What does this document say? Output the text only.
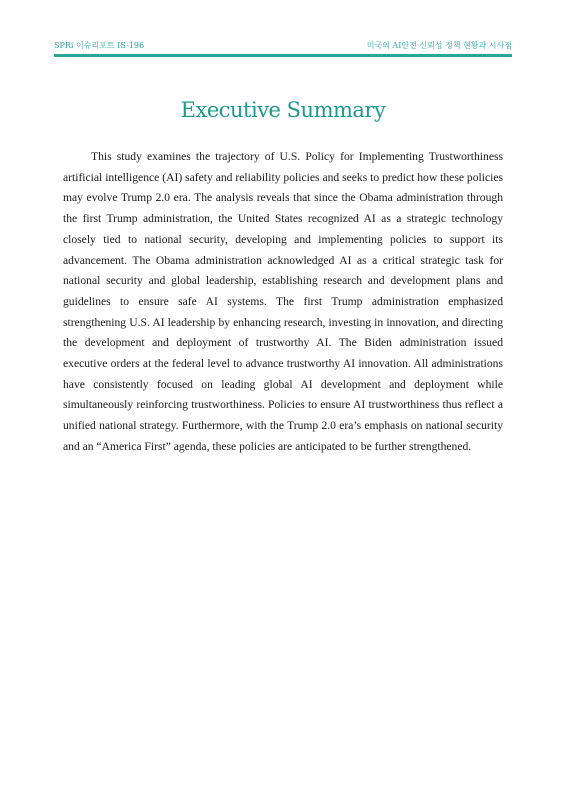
SPRi 이슈리포트 IS-196	미국의 AI안전·신뢰성 정책 현황과 시사점
Executive Summary

This study examines the trajectory of U.S. Policy for Implementing Trustworthiness artificial intelligence (AI) safety and reliability policies and seeks to predict how these policies may evolve Trump 2.0 era. The analysis reveals that since the Obama administration through the first Trump administration, the United States recognized AI as a strategic technology closely tied to national security, developing and implementing policies to support its advancement. The Obama administration acknowledged AI as a critical strategic task for national security and global leadership, establishing research and development plans and guidelines to ensure safe AI systems. The first Trump administration emphasized strengthening U.S. AI leadership by enhancing research, investing in innovation, and directing the development and deployment of trustworthy AI. The Biden administration issued executive orders at the federal level to advance trustworthy AI innovation. All administrations have consistently focused on leading global AI development and deployment while simultaneously reinforcing trustworthiness. Policies to ensure AI trustworthiness thus reflect a unified national strategy. Furthermore, with the Trump 2.0 era’s emphasis on national security and an “America First” agenda, these policies are anticipated to be further strengthened.
